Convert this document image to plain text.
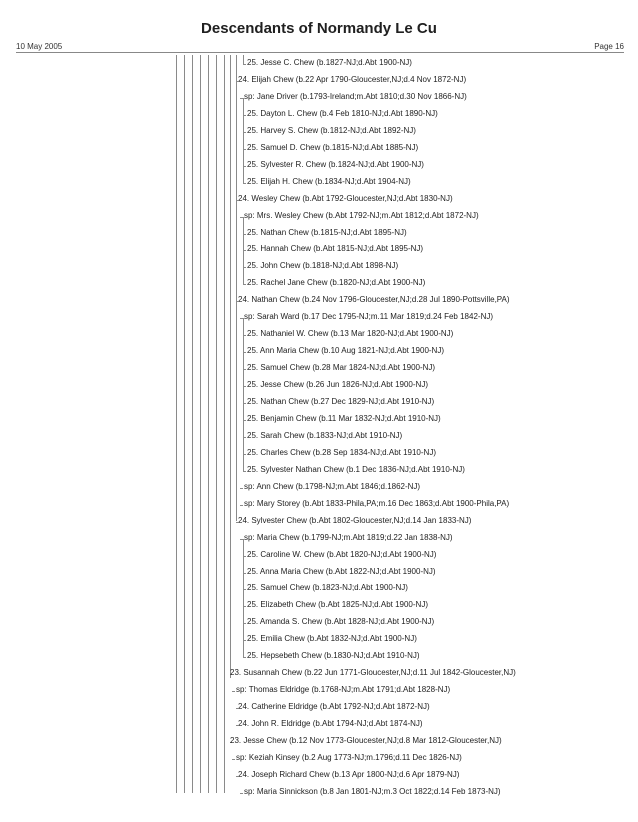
Descendants of Normandy Le Cu
10 May 2005	Page 16
25. Jesse C. Chew (b.1827-NJ;d.Abt 1900-NJ)
24. Elijah Chew (b.22 Apr 1790-Gloucester,NJ;d.4 Nov 1872-NJ)
sp: Jane Driver (b.1793-Ireland;m.Abt 1810;d.30 Nov 1866-NJ)
25. Dayton L. Chew (b.4 Feb 1810-NJ;d.Abt 1890-NJ)
25. Harvey S. Chew (b.1812-NJ;d.Abt 1892-NJ)
25. Samuel D. Chew (b.1815-NJ;d.Abt 1885-NJ)
25. Sylvester R. Chew (b.1824-NJ;d.Abt 1900-NJ)
25. Elijah H. Chew (b.1834-NJ;d.Abt 1904-NJ)
24. Wesley Chew (b.Abt 1792-Gloucester,NJ;d.Abt 1830-NJ)
sp: Mrs. Wesley Chew (b.Abt 1792-NJ;m.Abt 1812;d.Abt 1872-NJ)
25. Nathan Chew (b.1815-NJ;d.Abt 1895-NJ)
25. Hannah Chew (b.Abt 1815-NJ;d.Abt 1895-NJ)
25. John Chew (b.1818-NJ;d.Abt 1898-NJ)
25. Rachel Jane Chew (b.1820-NJ;d.Abt 1900-NJ)
24. Nathan Chew (b.24 Nov 1796-Gloucester,NJ;d.28 Jul 1890-Pottsville,PA)
sp: Sarah Ward (b.17 Dec 1795-NJ;m.11 Mar 1819;d.24 Feb 1842-NJ)
25. Nathaniel W. Chew (b.13 Mar 1820-NJ;d.Abt 1900-NJ)
25. Ann Maria Chew (b.10 Aug 1821-NJ;d.Abt 1900-NJ)
25. Samuel Chew (b.28 Mar 1824-NJ;d.Abt 1900-NJ)
25. Jesse Chew (b.26 Jun 1826-NJ;d.Abt 1900-NJ)
25. Nathan Chew (b.27 Dec 1829-NJ;d.Abt 1910-NJ)
25. Benjamin Chew (b.11 Mar 1832-NJ;d.Abt 1910-NJ)
25. Sarah Chew (b.1833-NJ;d.Abt 1910-NJ)
25. Charles Chew (b.28 Sep 1834-NJ;d.Abt 1910-NJ)
25. Sylvester Nathan Chew (b.1 Dec 1836-NJ;d.Abt 1910-NJ)
sp: Ann Chew (b.1798-NJ;m.Abt 1846;d.1862-NJ)
sp: Mary Storey (b.Abt 1833-Phila,PA;m.16 Dec 1863;d.Abt 1900-Phila,PA)
24. Sylvester Chew (b.Abt 1802-Gloucester,NJ;d.14 Jan 1833-NJ)
sp: Maria Chew (b.1799-NJ;m.Abt 1819;d.22 Jan 1838-NJ)
25. Caroline W. Chew (b.Abt 1820-NJ;d.Abt 1900-NJ)
25. Anna Maria Chew (b.Abt 1822-NJ;d.Abt 1900-NJ)
25. Samuel Chew (b.1823-NJ;d.Abt 1900-NJ)
25. Elizabeth Chew (b.Abt 1825-NJ;d.Abt 1900-NJ)
25. Amanda S. Chew (b.Abt 1828-NJ;d.Abt 1900-NJ)
25. Emilia Chew (b.Abt 1832-NJ;d.Abt 1900-NJ)
25. Hepsebeth Chew (b.1830-NJ;d.Abt 1910-NJ)
23. Susannah Chew (b.22 Jun 1771-Gloucester,NJ;d.11 Jul 1842-Gloucester,NJ)
sp: Thomas Eldridge (b.1768-NJ;m.Abt 1791;d.Abt 1828-NJ)
24. Catherine Eldridge (b.Abt 1792-NJ;d.Abt 1872-NJ)
24. John R. Eldridge (b.Abt 1794-NJ;d.Abt 1874-NJ)
23. Jesse Chew (b.12 Nov 1773-Gloucester,NJ;d.8 Mar 1812-Gloucester,NJ)
sp: Keziah Kinsey (b.2 Aug 1773-NJ;m.1796;d.11 Dec 1826-NJ)
24. Joseph Richard Chew (b.13 Apr 1800-NJ;d.6 Apr 1879-NJ)
sp: Maria Sinnickson (b.8 Jan 1801-NJ;m.3 Oct 1822;d.14 Feb 1873-NJ)
